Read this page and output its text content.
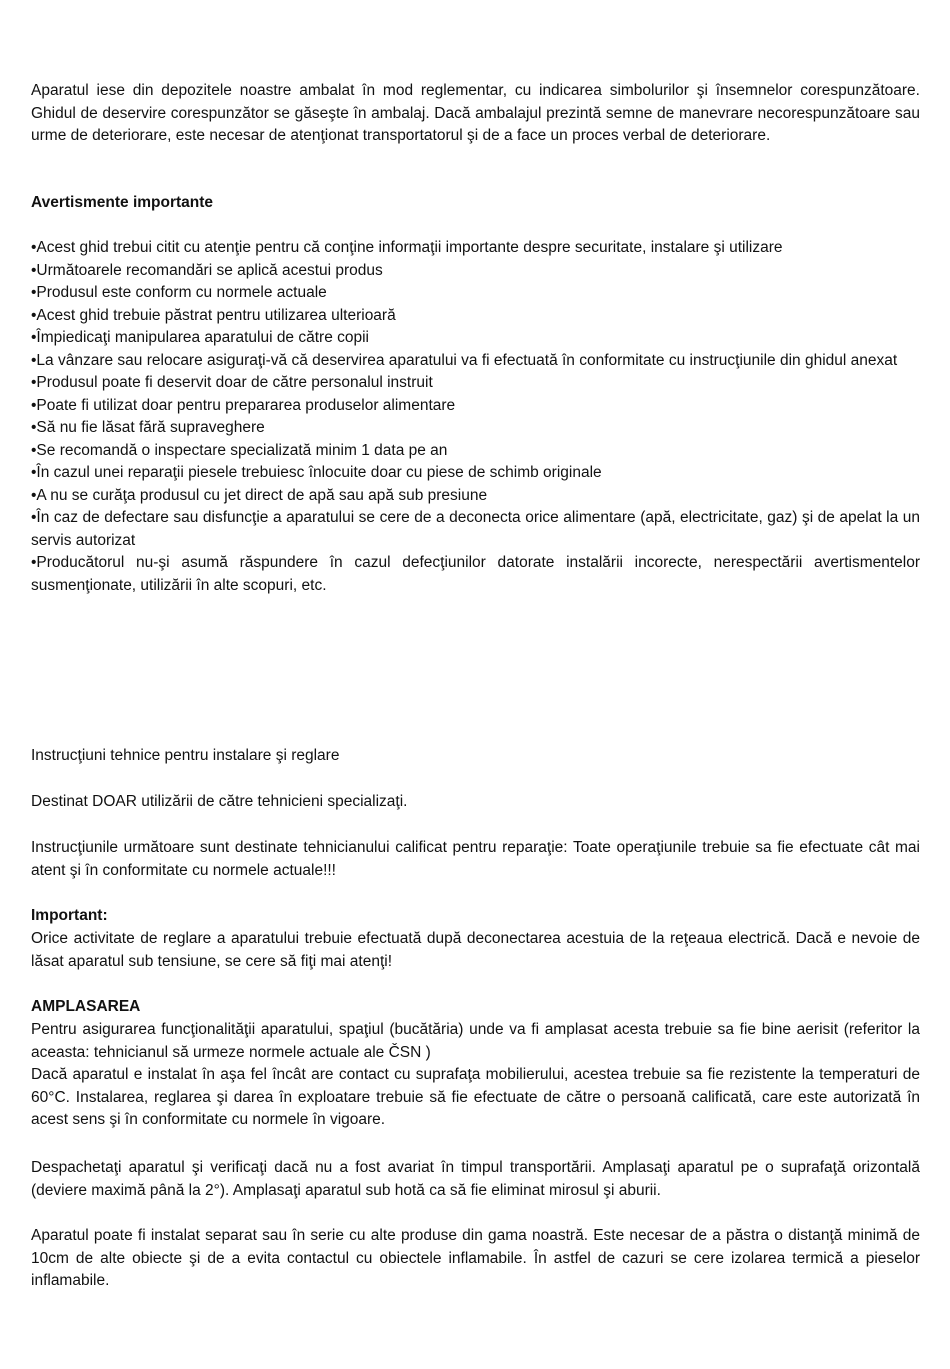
Aparatul iese din depozitele noastre ambalat în mod reglementar, cu indicarea simbolurilor şi însemnelor corespunzătoare. Ghidul de deservire corespunzător se găseşte în ambalaj. Dacă ambalajul prezintă semne de manevrare necorespunzătoare sau urme de deteriorare, este necesar de atenţionat transportatorul şi de a face un proces verbal de deteriorare.
Avertismente importante
•Acest ghid trebui citit cu atenţie pentru că conţine informaţii importante despre securitate, instalare şi utilizare
•Următoarele recomandări se aplică acestui produs
•Produsul este conform cu normele actuale
•Acest ghid trebuie păstrat pentru utilizarea ulterioară
•Împiedicaţi manipularea aparatului de către copii
•La vânzare sau relocare asiguraţi-vă că deservirea aparatului va fi efectuată în conformitate cu instrucţiunile din ghidul anexat
•Produsul poate fi deservit doar de către personalul instruit
•Poate fi utilizat doar pentru prepararea produselor alimentare
•Să nu fie lăsat fără supraveghere
•Se recomandă o inspectare specializată minim 1 data pe an
•În cazul unei reparaţii piesele trebuiesc înlocuite doar cu piese de schimb originale
•A nu se curăţa produsul cu jet direct de apă sau apă sub presiune
•În caz de defectare sau disfuncţie a aparatului se cere de a deconecta orice alimentare (apă, electricitate, gaz) şi de apelat la un servis autorizat
•Producătorul nu-şi asumă răspundere în cazul defecţiunilor datorate instalării incorecte, nerespectării avertismentelor susmenţionate, utilizării în alte scopuri, etc.
Instrucţiuni tehnice pentru instalare şi reglare
Destinat DOAR utilizării de către tehnicieni specializaţi.
Instrucţiunile următoare sunt destinate tehnicianului calificat pentru reparaţie: Toate operaţiunile trebuie sa fie efectuate cât mai atent şi în conformitate cu normele actuale!!!
Important:
Orice activitate de reglare a aparatului trebuie efectuată după deconectarea acestuia de la reţeaua electrică. Dacă e nevoie de lăsat aparatul sub tensiune, se cere să fiţi mai atenţi!
AMPLASAREA
Pentru asigurarea funcţionalităţii aparatului, spaţiul (bucătăria) unde va fi amplasat acesta trebuie sa fie bine aerisit (referitor la aceasta: tehnicianul să urmeze normele actuale ale ČSN )
Dacă aparatul e instalat în aşa fel încât are contact cu suprafaţa mobilierului, acestea trebuie sa fie rezistente la temperaturi de 60°C. Instalarea, reglarea şi darea în exploatare trebuie să fie efectuate de către o persoană calificată, care este autorizată în acest sens şi în conformitate cu normele în vigoare.
Despachetaţi aparatul şi verificaţi dacă nu a fost avariat în timpul transportării. Amplasaţi aparatul pe o suprafaţă orizontală (deviere maximă până la 2°). Amplasaţi aparatul sub hotă ca să fie eliminat mirosul şi aburii.
Aparatul poate fi instalat separat sau în serie cu alte produse din gama noastră. Este necesar de a păstra o distanţă minimă de 10cm de alte obiecte şi de a evita contactul cu obiectele inflamabile. În astfel de cazuri se cere izolarea termică a pieselor inflamabile.
